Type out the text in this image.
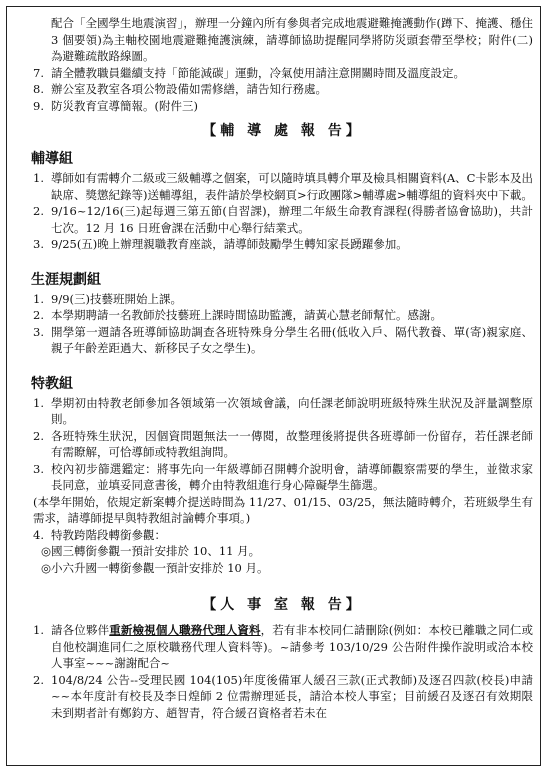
配合「全國學生地震演習」，辦理一分鐘內所有參與者完成地震避難掩護動作(蹲下、掩護、穩住 3 個要領)為主軸校園地震避難掩護演練，請導師協助提醒同學將防災頭套帶至學校；附件(二)為避難疏散路線圖。

7. 請全體教職員繼續支持「節能減碳」運動，冷氣使用請注意開關時間及溫度設定。
8. 辦公室及教室各項公物設備如需修繕，請告知行務處。
9. 防災教育宣導簡報。(附件三)
【輔 導 處 報 告】
輔導組
1. 導師如有需轉介二級或三級輔導之個案，可以隨時填具轉介單及檢具相關資料(A、C卡影本及出缺席、獎懲紀錄等)送輔導組，表件請於學校網頁>行政團隊>輔導處>輔導組的資料夾中下載。
2. 9/16~12/16(三)起每週三第五節(自習課)，辦理二年級生命教育課程(得勝者協會協助)，共計七次。12 月 16 日班會課在活動中心舉行結業式。
3. 9/25(五)晚上辦理親職教育座談，請導師鼓勵學生轉知家長踴躍參加。
生涯規劃組
1. 9/9(三)技藝班開始上課。
2. 本學期聘請一名教師於技藝班上課時間協助監護，請黃心慧老師幫忙。感謝。
3. 開學第一週請各班導師協助調查各班特殊身分學生名冊(低收入戶、隔代教養、單(寄)親家庭、親子年齡差距過大、新移民子女之學生)。
特教組
1. 學期初由特教老師參加各領域第一次領域會議，向任課老師說明班級特殊生狀況及評量調整原則。
2. 各班特殊生狀況，因個資問題無法一一傳閱，故整理後將提供各班導師一份留存，若任課老師有需瞭解，可恰導師或特教組詢問。
3. 校內初步篩選鑑定：將事先向一年級導師召開轉介說明會，請導師觀察需要的學生，並徵求家長同意，並填妥同意書後，轉介由特教組進行身心障礙學生篩選。

(本學年開始，依規定新案轉介提送時間為 11/27、01/15、03/25，無法隨時轉介，若班級學生有需求，請導師提早與特教組討論轉介事項。)

4. 特教跨階段轉銜參觀：
◎國三轉銜參觀一預計安排於 10、11 月。
◎小六升國一轉銜參觀一預計安排於 10 月。
【人 事 室 報 告】
1. 請各位夥伴重新檢視個人職務代理人資料，若有非本校同仁請刪除(例如：本校已離職之同仁或自他校調進同仁之原校職務代理人資料等)。~請參考 103/10/29 公告附件操作說明或洽本校人事室~~~謝謝配合~
2. 104/8/24 公告--受理民國 104(105)年度後備軍人緩召三款(正式教師)及逐召四款(校長)申請~~本年度計有校長及李日煌師 2 位需辦理延長，請洽本校人事室；目前緩召及逐召有效期限未到期者計有鄭鈞方、趙智青，符合緩召資格者若未在
